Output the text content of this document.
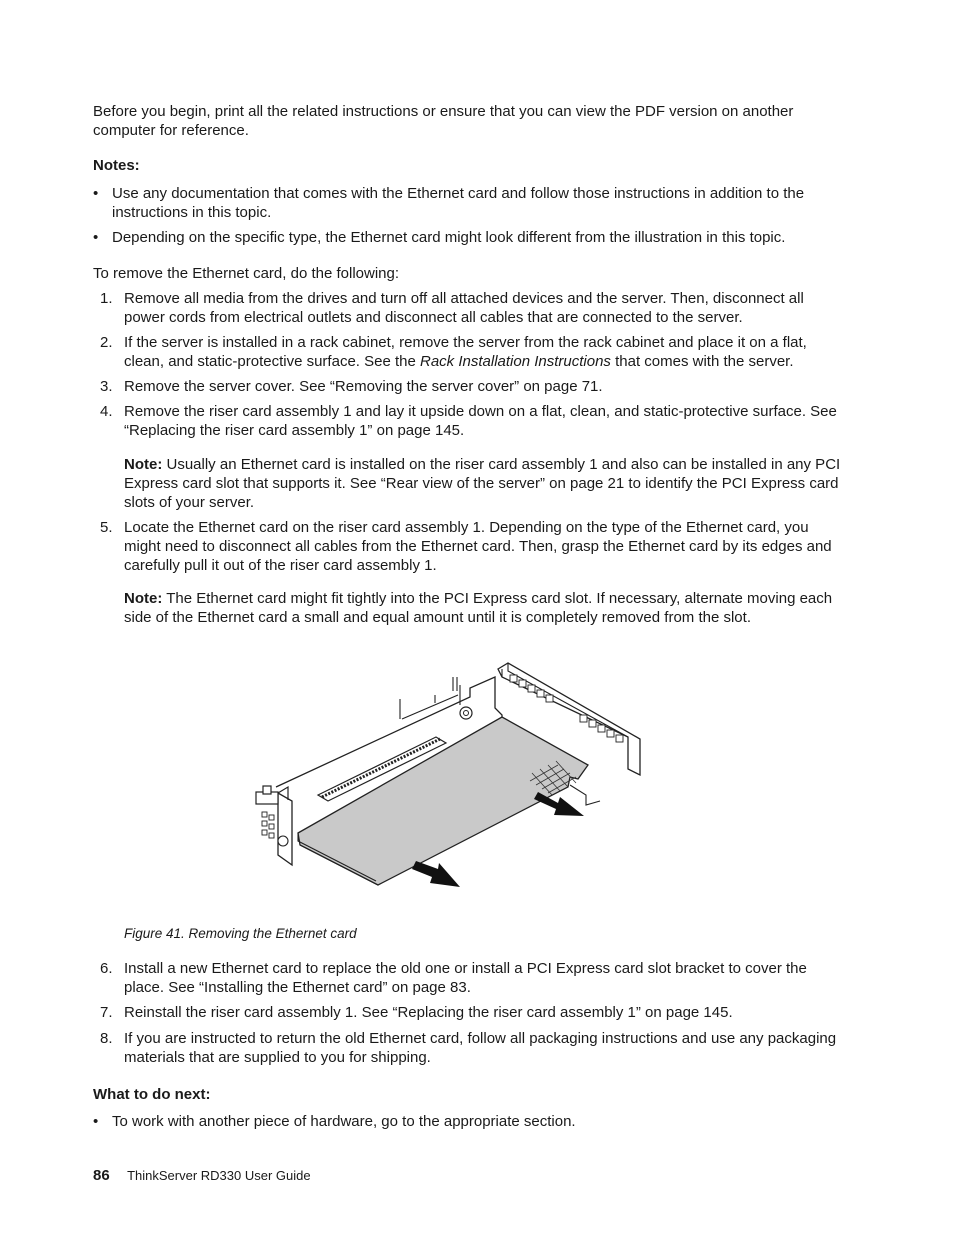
Before you begin, print all the related instructions or ensure that you can view the PDF version on another computer for reference.

Notes:

• Use any documentation that comes with the Ethernet card and follow those instructions in addition to the instructions in this topic.
• Depending on the specific type, the Ethernet card might look different from the illustration in this topic.

To remove the Ethernet card, do the following:

1. Remove all media from the drives and turn off all attached devices and the server. Then, disconnect all power cords from electrical outlets and disconnect all cables that are connected to the server.
2. If the server is installed in a rack cabinet, remove the server from the rack cabinet and place it on a flat, clean, and static-protective surface. See the Rack Installation Instructions that comes with the server.
3. Remove the server cover. See “Removing the server cover” on page 71.
4. Remove the riser card assembly 1 and lay it upside down on a flat, clean, and static-protective surface. See “Replacing the riser card assembly 1” on page 145.
Note: Usually an Ethernet card is installed on the riser card assembly 1 and also can be installed in any PCI Express card slot that supports it. See “Rear view of the server” on page 21 to identify the PCI Express card slots of your server.
5. Locate the Ethernet card on the riser card assembly 1. Depending on the type of the Ethernet card, you might need to disconnect all cables from the Ethernet card. Then, grasp the Ethernet card by its edges and carefully pull it out of the riser card assembly 1.
Note: The Ethernet card might fit tightly into the PCI Express card slot. If necessary, alternate moving each side of the Ethernet card a small and equal amount until it is completely removed from the slot.
Figure 41. Removing the Ethernet card
6. Install a new Ethernet card to replace the old one or install a PCI Express card slot bracket to cover the place. See “Installing the Ethernet card” on page 83.
7. Reinstall the riser card assembly 1. See “Replacing the riser card assembly 1” on page 145.
8. If you are instructed to return the old Ethernet card, follow all packaging instructions and use any packaging materials that are supplied to you for shipping.

What to do next:

• To work with another piece of hardware, go to the appropriate section.
86 ThinkServer RD330 User Guide
